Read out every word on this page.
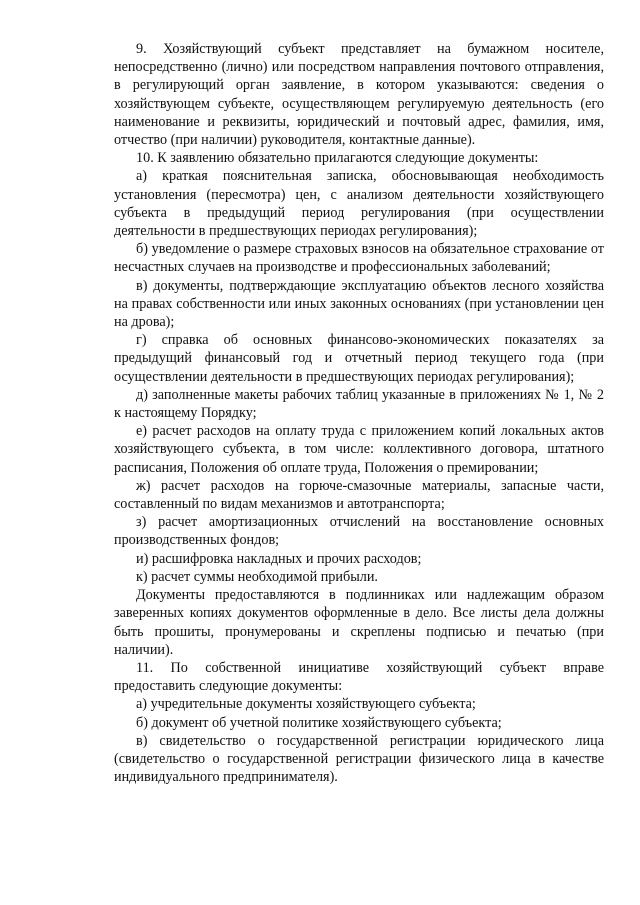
9. Хозяйствующий субъект представляет на бумажном носителе, непосредственно (лично) или посредством направления почтового отправления, в регулирующий орган заявление, в котором указываются: сведения о хозяйствующем субъекте, осуществляющем регулируемую деятельность (его наименование и реквизиты, юридический и почтовый адрес, фамилия, имя, отчество (при наличии) руководителя, контактные данные).

10. К заявлению обязательно прилагаются следующие документы:

а) краткая пояснительная записка, обосновывающая необходимость установления (пересмотра) цен, с анализом деятельности хозяйствующего субъекта в предыдущий период регулирования (при осуществлении деятельности в предшествующих периодах регулирования);

б) уведомление о размере страховых взносов на обязательное страхование от несчастных случаев на производстве и профессиональных заболеваний;

в) документы, подтверждающие эксплуатацию объектов лесного хозяйства на правах собственности или иных законных основаниях (при установлении цен на дрова);

г) справка об основных финансово-экономических показателях за предыдущий финансовый год и отчетный период текущего года (при осуществлении деятельности в предшествующих периодах регулирования);

д) заполненные макеты рабочих таблиц указанные в приложениях № 1, № 2 к настоящему Порядку;

е) расчет расходов на оплату труда с приложением копий локальных актов хозяйствующего субъекта, в том числе: коллективного договора, штатного расписания, Положения об оплате труда, Положения о премировании;

ж) расчет расходов на горюче-смазочные материалы, запасные части, составленный по видам механизмов и автотранспорта;

з) расчет амортизационных отчислений на восстановление основных производственных фондов;

и) расшифровка накладных и прочих расходов;

к) расчет суммы необходимой прибыли.

Документы предоставляются в подлинниках или надлежащим образом заверенных копиях документов оформленные в дело. Все листы дела должны быть прошиты, пронумерованы и скреплены подписью и печатью (при наличии).

11. По собственной инициативе хозяйствующий субъект вправе предоставить следующие документы:

а) учредительные документы хозяйствующего субъекта;

б) документ об учетной политике хозяйствующего субъекта;

в) свидетельство о государственной регистрации юридического лица (свидетельство о государственной регистрации физического лица в качестве индивидуального предпринимателя).
